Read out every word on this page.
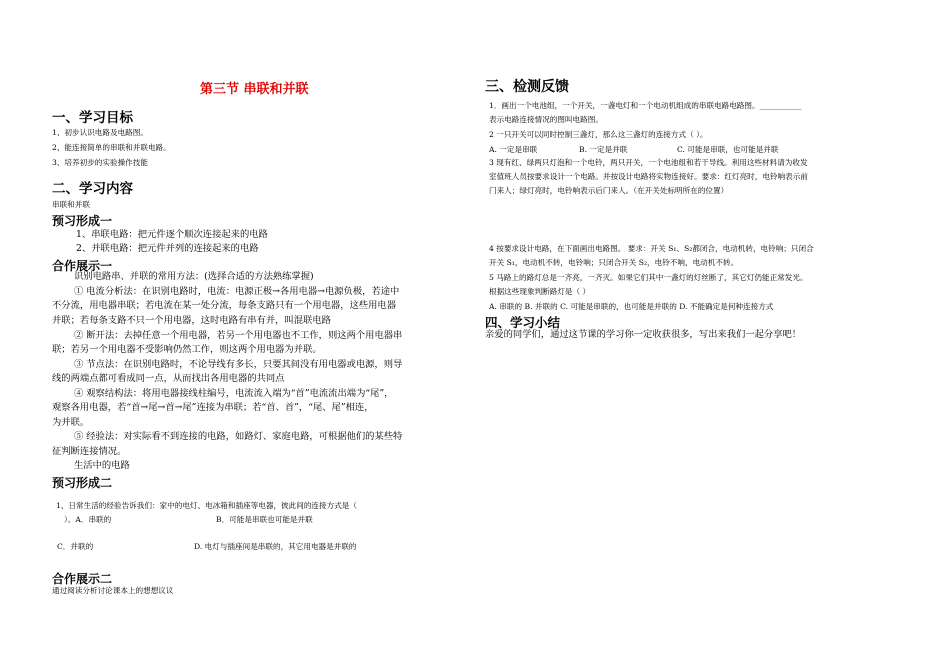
第三节 串联和并联
一、学习目标
1、初步认识电路及电路图。
2、能连接简单的串联和并联电路。
3、培养初步的实验操作技能
二、学习内容
串联和并联
预习形成一
1、串联电路：把元件逐个顺次连接起来的电路
2、并联电路：把元件并列的连接起来的电路
合作展示一
识别电路串、并联的常用方法：(选择合适的方法熟练掌握)
① 电流分析法：在识别电路时，电流：电源正极→各用电器→电源负极，若途中
不分流，用电器串联；若电流在某一处分流，每条支路只有一个用电器，这些用电器
并联；若每条支路不只一个用电器，这时电路有串有并，叫混联电路
② 断开法：去掉任意一个用电器，若另一个用电器也不工作，则这两个用电器串
联；若另一个用电器不受影响仍然工作，则这两个用电器为并联。
③ 节点法：在识别电路时，不论导线有多长，只要其间没有用电器或电源，则导
线的两端点都可看成同一点，从而找出各用电器的共同点
④ 观察结构法：将用电器接线柱编号，电流流入端为“首”电流流出端为“尾”，
观察各用电器，若“首→尾→首→尾”连接为串联；若“首、首”，“尾、尾”相连，
为并联。
⑤ 经验法：对实际看不到连接的电路，如路灯、家庭电路，可根据他们的某些特
征判断连接情况。
生活中的电路
预习形成二
1、日常生活的经验告诉我们：家中的电灯、电冰箱和插座等电器，彼此间的连接方式是（
）。A．串联的	B．可能是串联也可能是并联
C．并联的	D. 电灯与插座间是串联的，其它用电器是并联的
合作展示二
通过阅读分析讨论课本上的想想议议
三、检测反馈
1．画出一个电池组，一个开关，一盏电灯和一个电动机组成的串联电路电路图。___________
表示电路连接情况的图叫电路图。
2 一只开关可以同时控制三盏灯，那么这三盏灯的连接方式（ ）。
A. 一定是串联	B. 一定是并联	C. 可能是串联，也可能是并联
3 现有红、绿两只灯泡和一个电铃，两只开关，一个电池组和若干导线。利用这些材料请为收发
室值班人员按要求设计一个电路。并按设计电路将实物连接好。要求：红灯亮时，电铃响表示前
门来人；绿灯亮时，电铃响表示后门来人。（在开关处标明所在的位置）
4 按要求设计电路，在下面画出电路图。 要求：开关 S₁、S₂都闭合，电动机转，电铃响；只闭合
开关 S₁，电动机不转，电铃响；只闭合开关 S₂，电铃不响，电动机不转。
5 马路上的路灯总是一齐亮，一齐灭。如果它们其中一盏灯的灯丝断了，其它灯仍能正常发光。
根据这些现象判断路灯是（ ）
A. 串联的 B. 并联的 C. 可能是串联的，也可能是并联的 D. 不能确定是何种连接方式
四、学习小结
亲爱的同学们，通过这节课的学习你一定收获很多，写出来我们一起分享吧！
